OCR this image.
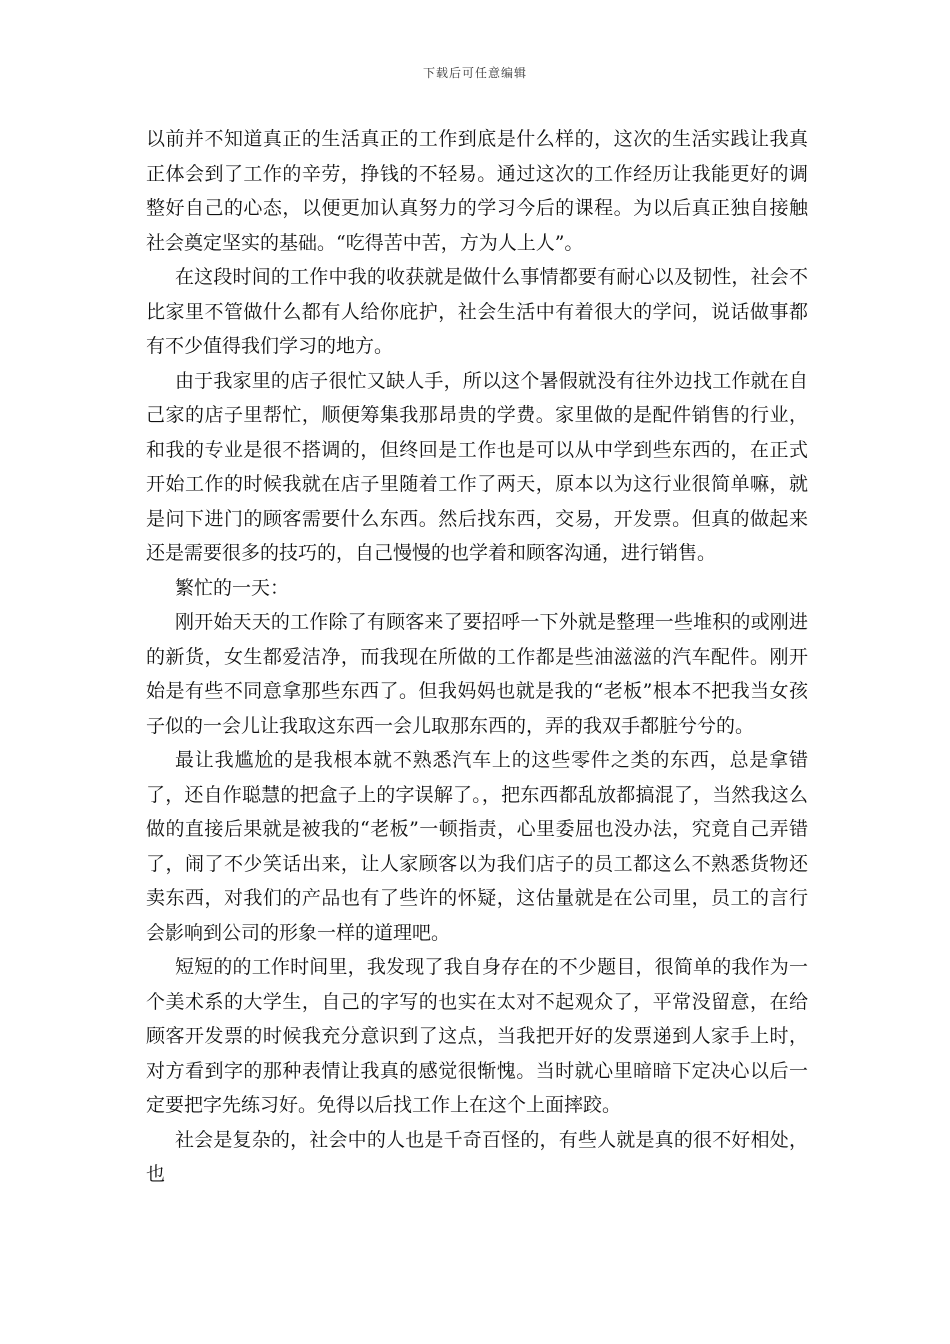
下载后可任意编辑

以前并不知道真正的生活真正的工作到底是什么样的，这次的生活实践让我真正体会到了工作的辛劳，挣钱的不轻易。通过这次的工作经历让我能更好的调整好自己的心态，以便更加认真努力的学习今后的课程。为以后真正独自接触社会奠定坚实的基础。“吃得苦中苦，方为人上人”。

在这段时间的工作中我的收获就是做什么事情都要有耐心以及韧性，社会不比家里不管做什么都有人给你庇护，社会生活中有着很大的学问，说话做事都有不少值得我们学习的地方。

由于我家里的店子很忙又缺人手，所以这个暑假就没有往外边找工作就在自己家的店子里帮忙，顺便筹集我那昂贵的学费。家里做的是配件销售的行业，和我的专业是很不搭调的，但终回是工作也是可以从中学到些东西的，在正式开始工作的时候我就在店子里随着工作了两天，原本以为这行业很简单嘛，就是问下进门的顾客需要什么东西。然后找东西，交易，开发票。但真的做起来还是需要很多的技巧的，自己慢慢的也学着和顾客沟通，进行销售。

繁忙的一天：

刚开始天天的工作除了有顾客来了要招呼一下外就是整理一些堆积的或刚进的新货，女生都爱洁净，而我现在所做的工作都是些油滋滋的汽车配件。刚开始是有些不同意拿那些东西了。但我妈妈也就是我的“老板”根本不把我当女孩子似的一会儿让我取这东西一会儿取那东西的，弄的我双手都脏兮兮的。

最让我尴尬的是我根本就不熟悉汽车上的这些零件之类的东西，总是拿错了，还自作聪慧的把盒子上的字误解了。，把东西都乱放都搞混了，当然我这么做的直接后果就是被我的“老板”一顿指责，心里委屈也没办法，究竟自己弄错了，闹了不少笑话出来，让人家顾客以为我们店子的员工都这么不熟悉货物还卖东西，对我们的产品也有了些许的怀疑，这估量就是在公司里，员工的言行会影响到公司的形象一样的道理吧。

短短的的工作时间里，我发现了我自身存在的不少题目，很简单的我作为一个美术系的大学生，自己的字写的也实在太对不起观众了，平常没留意，在给顾客开发票的时候我充分意识到了这点，当我把开好的发票递到人家手上时，对方看到字的那种表情让我真的感觉很惭愧。当时就心里暗暗下定决心以后一定要把字先练习好。免得以后找工作上在这个上面摔跤。

社会是复杂的，社会中的人也是千奇百怪的，有些人就是真的很不好相处，也
